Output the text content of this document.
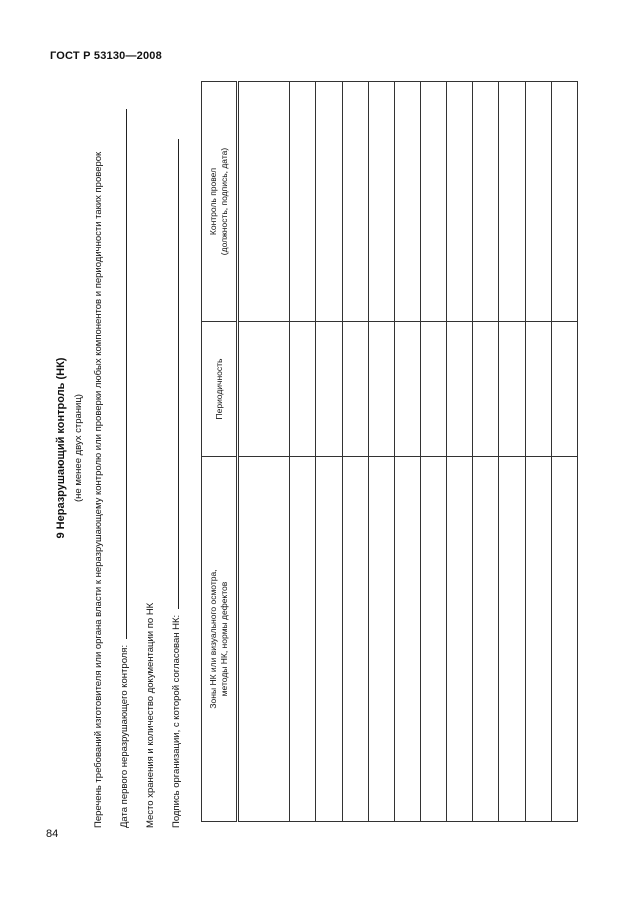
ГОСТ Р 53130—2008
84
9 Неразрушающий контроль (НК) (не менее двух страниц) Перечень требований изготовителя или органа власти к неразрушающему контролю или проверки любых компонентов и периодичности таких проверок Дата первого неразрушающего контроля: Место хранения и количество документации по НК Подпись организации, с которой согласован НК:	Зоны НК или визуального осмотра, методы НК, нормы дефектов	Периодичность	Контроль провел (должность, подпись, дата)
